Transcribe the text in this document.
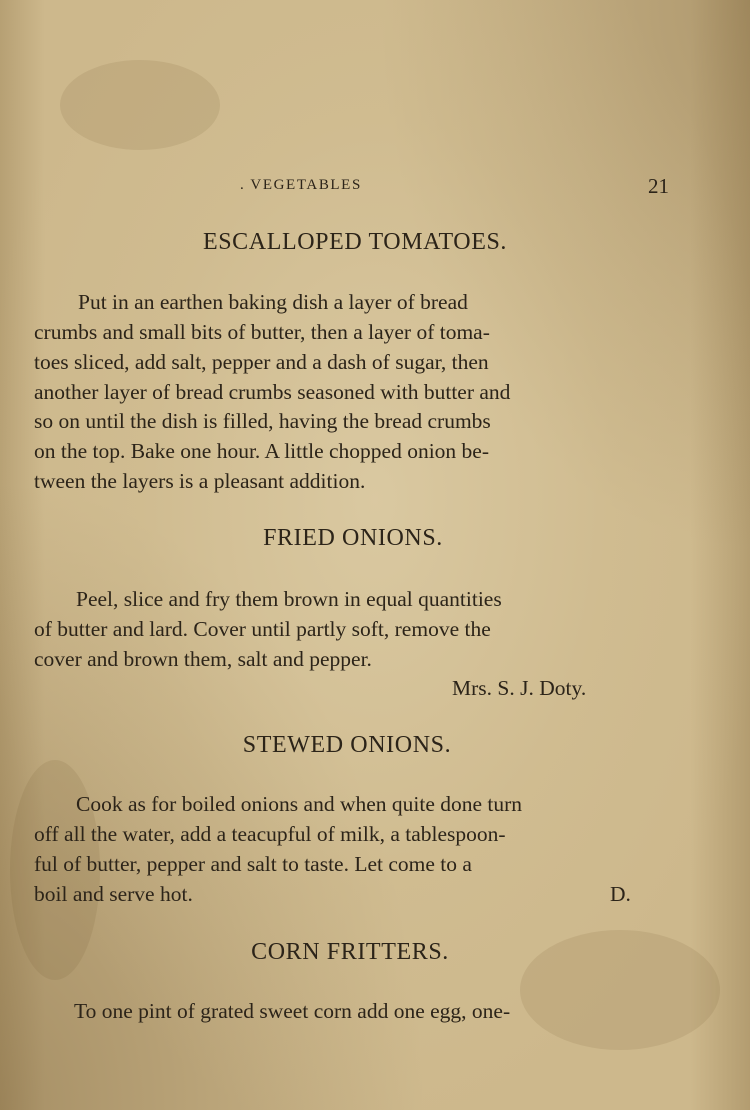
. VEGETABLES	21
ESCALLOPED TOMATOES.
Put in an earthen baking dish a layer of bread
crumbs and small bits of butter, then a layer of toma-
toes sliced, add salt, pepper and a dash of sugar, then
another layer of bread crumbs seasoned with butter and
so on until the dish is filled, having the bread crumbs
on the top. Bake one hour. A little chopped onion be-
tween the layers is a pleasant addition.
FRIED ONIONS.
Peel, slice and fry them brown in equal quantities
of butter and lard. Cover until partly soft, remove the
cover and brown them, salt and pepper.
Mrs. S. J. Doty.
STEWED ONIONS.
Cook as for boiled onions and when quite done turn
off all the water, add a teacupful of milk, a tablespoon-
ful of butter, pepper and salt to taste. Let come to a
boil and serve hot.	D.
CORN FRITTERS.
To one pint of grated sweet corn add one egg, one-
